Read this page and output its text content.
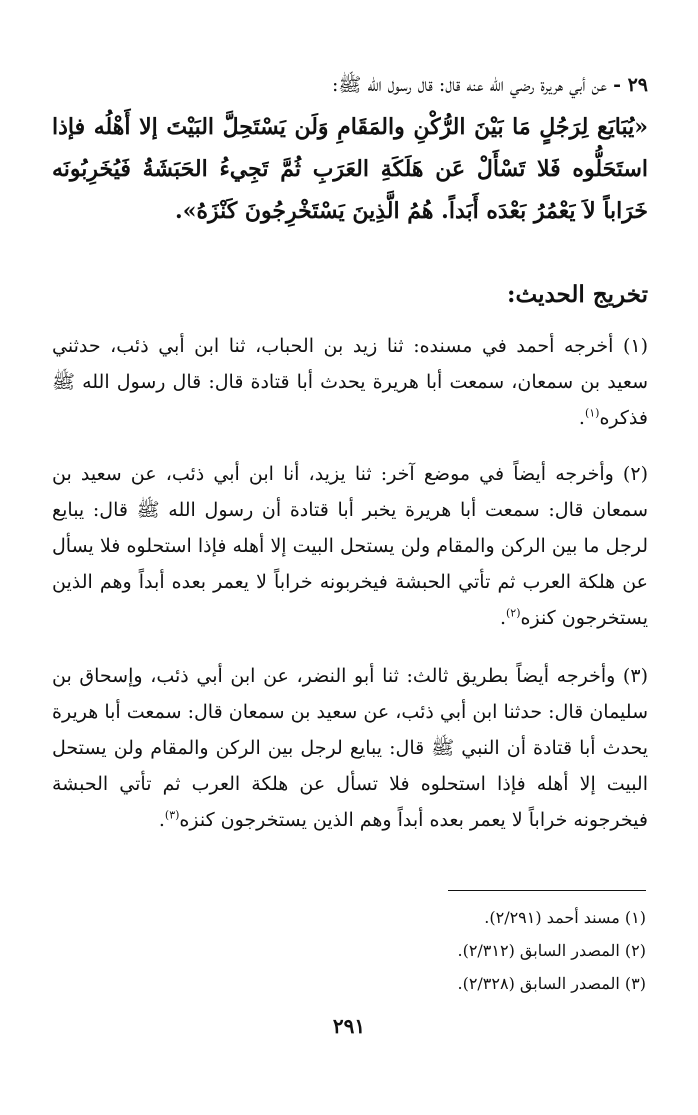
٢٩ - عن أبي هريرة رضي الله عنه قال: قال رسول الله ﷺ:

«يُبَايَع لِرَجُلٍ مَا بَيْنَ الرُّكْنِ والمَقَامِ وَلَن يَسْتَحِلَّ البَيْتَ إلا أَهْلُه فإذا استَحَلُّوه فَلا تَسْأَلْ عَن هَلَكَةِ العَرَبِ ثُمَّ تَجِيءُ الحَبَشَةُ فَيُخَرِبُونَه خَرَاباً لاَ يَعْمُرُ بَعْدَه أَبَداً. هُمُ الَّذِينَ يَسْتَخْرِجُونَ كَنْزَهُ».

تخريج الحديث:

(١) أخرجه أحمد في مسنده: ثنا زيد بن الحباب، ثنا ابن أبي ذئب، حدثني سعيد بن سمعان، سمعت أبا هريرة يحدث أبا قتادة قال: قال رسول الله ﷺ فذكره$^{(١)}$.

(٢) وأخرجه أيضاً في موضع آخر: ثنا يزيد، أنا ابن أبي ذئب، عن سعيد بن سمعان قال: سمعت أبا هريرة يخبر أبا قتادة أن رسول الله ﷺ قال: يبايع لرجل ما بين الركن والمقام ولن يستحل البيت إلا أهله فإذا استحلوه فلا يسأل عن هلكة العرب ثم تأتي الحبشة فيخربونه خراباً لا يعمر بعده أبداً وهم الذين يستخرجون كنزه$^{(٢)}$.

(٣) وأخرجه أيضاً بطريق ثالث: ثنا أبو النضر، عن ابن أبي ذئب، وإسحاق بن سليمان قال: حدثنا ابن أبي ذئب، عن سعيد بن سمعان قال: سمعت أبا هريرة يحدث أبا قتادة أن النبي ﷺ قال: يبايع لرجل بين الركن والمقام ولن يستحل البيت إلا أهله فإذا استحلوه فلا تسأل عن هلكة العرب ثم تأتي الحبشة فيخرجونه خراباً لا يعمر بعده أبداً وهم الذين يستخرجون كنزه$^{(٣)}$.

(١) مسند أحمد (٢/٢٩١).

(٢) المصدر السابق (٢/٣١٢).

(٣) المصدر السابق (٢/٣٢٨).

٢٩١
